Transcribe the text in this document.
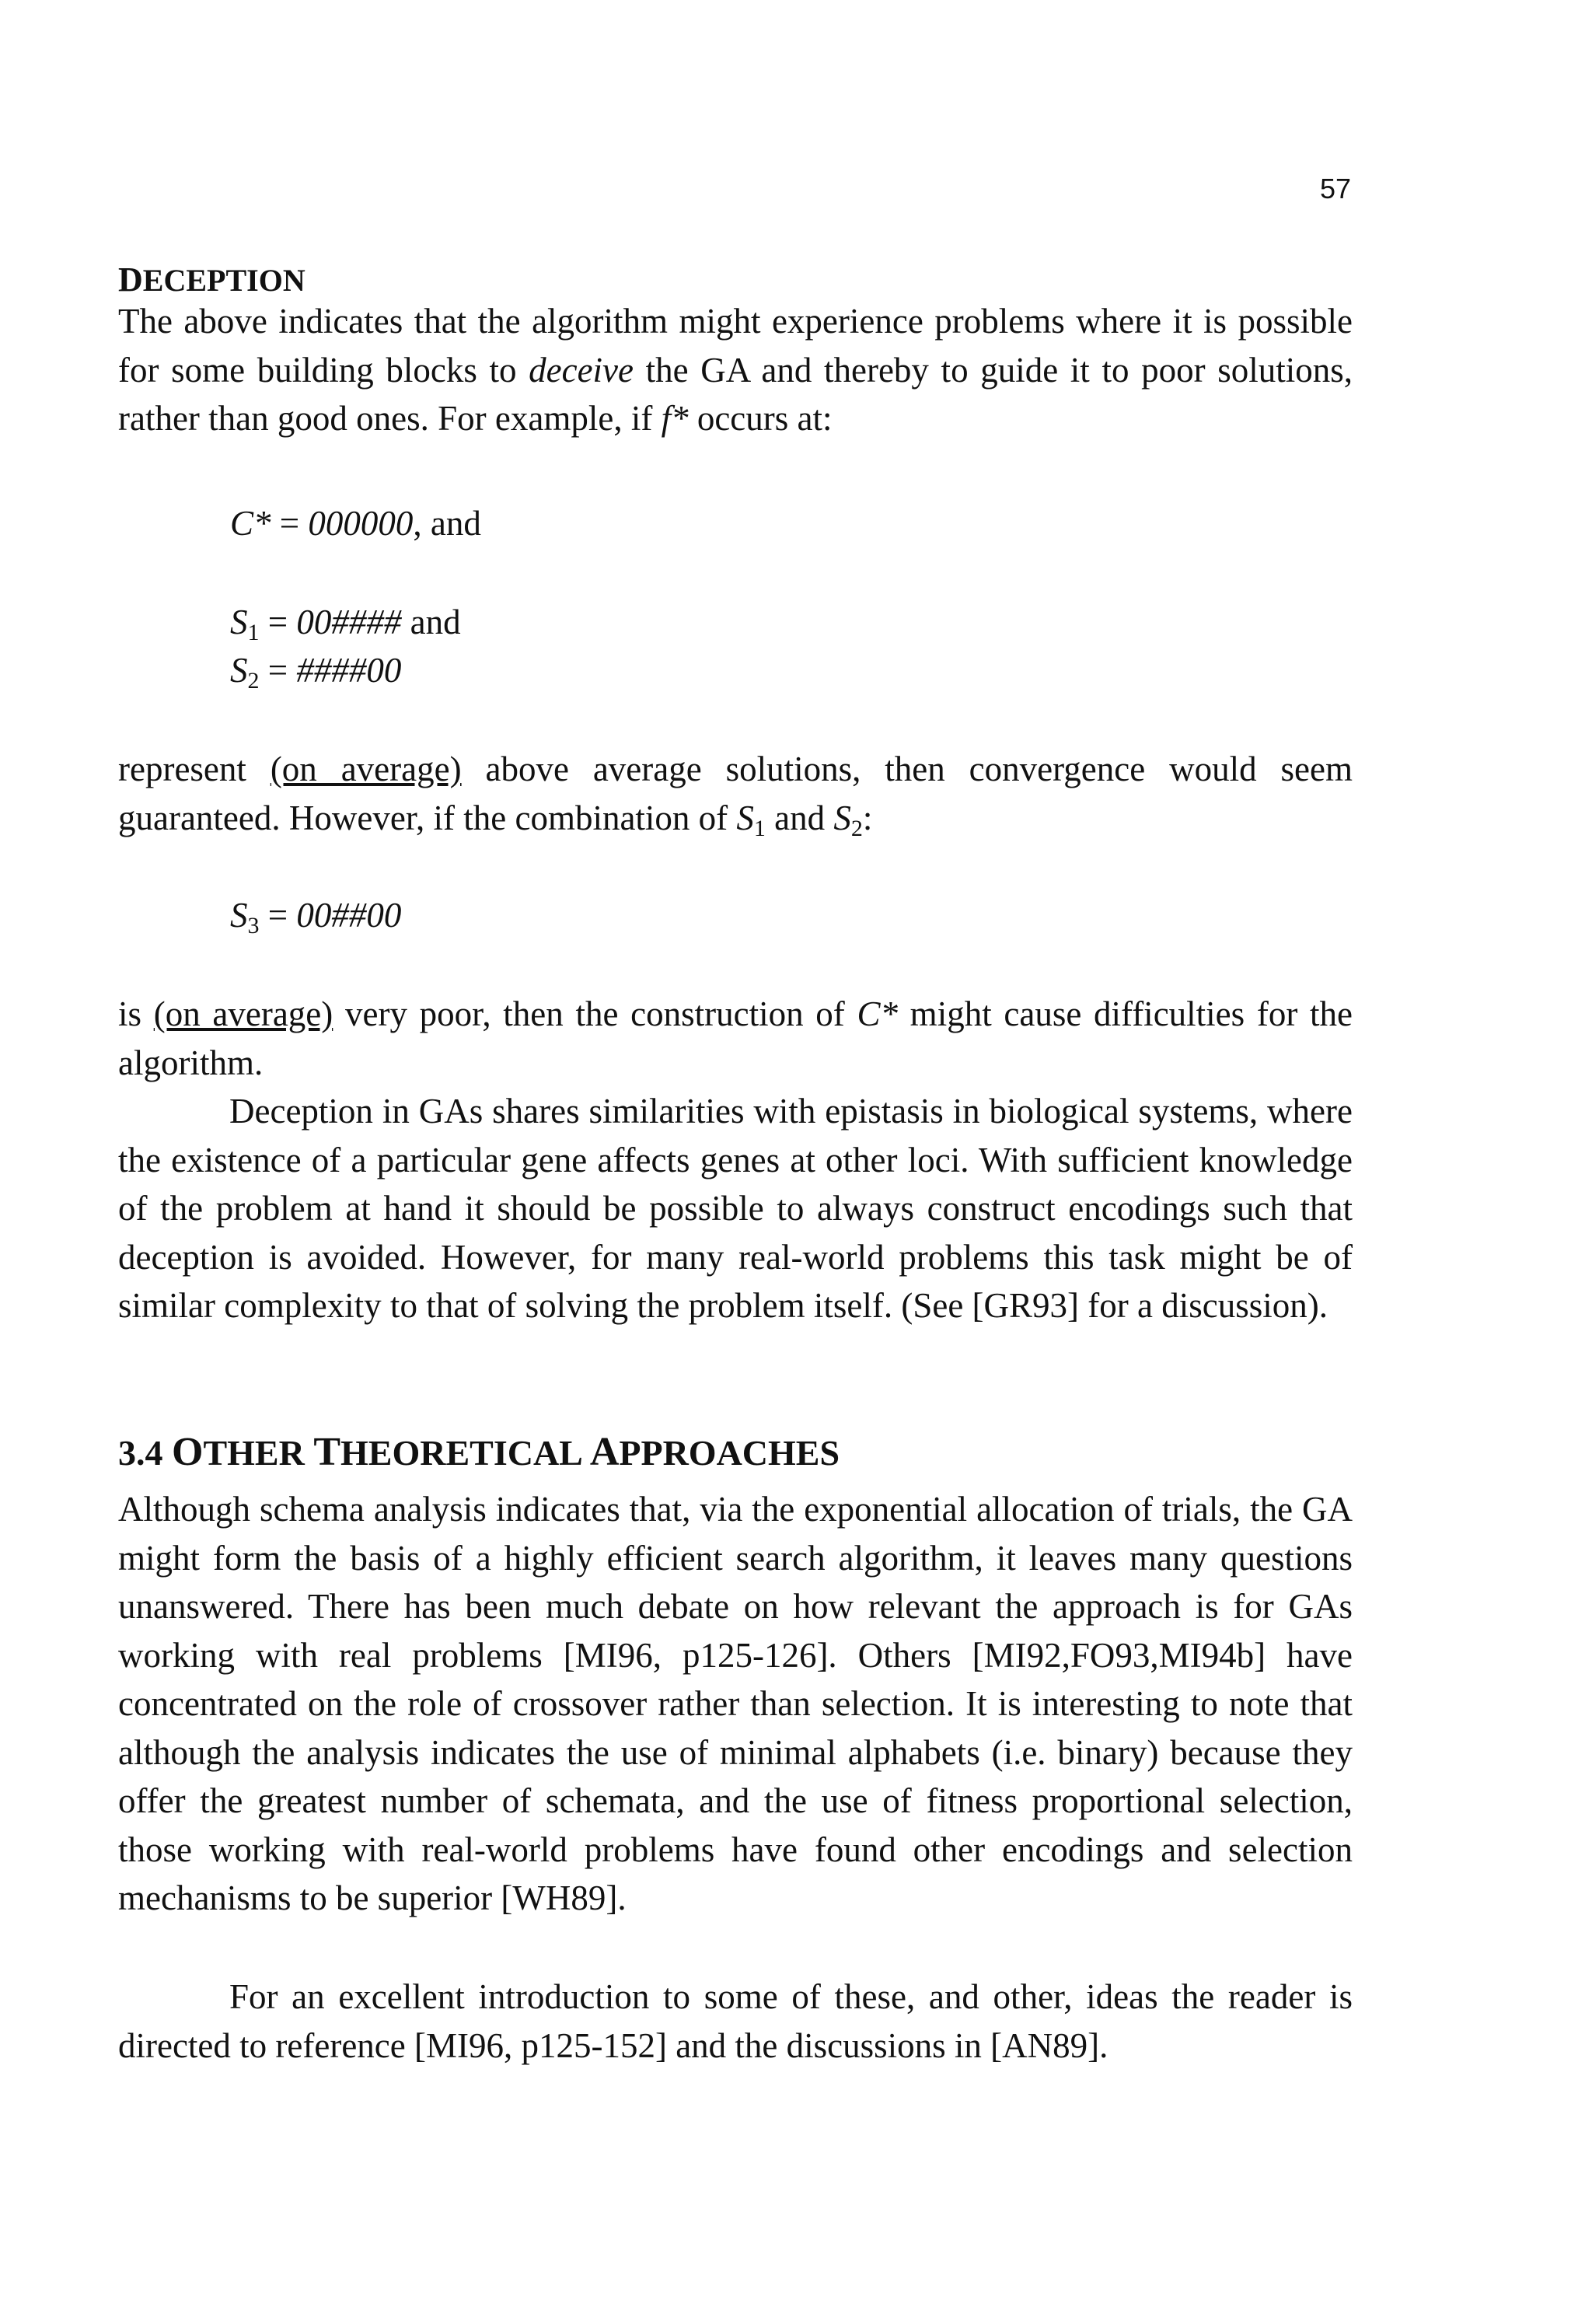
57
DECEPTION

The above indicates that the algorithm might experience problems where it is possible for some building blocks to deceive the GA and thereby to guide it to poor solutions, rather than good ones. For example, if f* occurs at:

C* = 000000, and
$S_1$ = 00#### and
$S_2$ = ####00

represent (on average) above average solutions, then convergence would seem guaranteed. However, if the combination of $S_1$ and $S_2$:

$S_3$ = 00##00

is (on average) very poor, then the construction of C* might cause difficulties for the algorithm.

Deception in GAs shares similarities with epistasis in biological systems, where the existence of a particular gene affects genes at other loci. With sufficient knowledge of the problem at hand it should be possible to always construct encodings such that deception is avoided. However, for many real-world problems this task might be of similar complexity to that of solving the problem itself. (See [GR93] for a discussion).

3.4 OTHER THEORETICAL APPROACHES

Although schema analysis indicates that, via the exponential allocation of trials, the GA might form the basis of a highly efficient search algorithm, it leaves many questions unanswered. There has been much debate on how relevant the approach is for GAs working with real problems [MI96, p125-126]. Others [MI92,FO93,MI94b] have concentrated on the role of crossover rather than selection. It is interesting to note that although the analysis indicates the use of minimal alphabets (i.e. binary) because they offer the greatest number of schemata, and the use of fitness proportional selection, those working with real-world problems have found other encodings and selection mechanisms to be superior [WH89].

For an excellent introduction to some of these, and other, ideas the reader is directed to reference [MI96, p125-152] and the discussions in [AN89].
